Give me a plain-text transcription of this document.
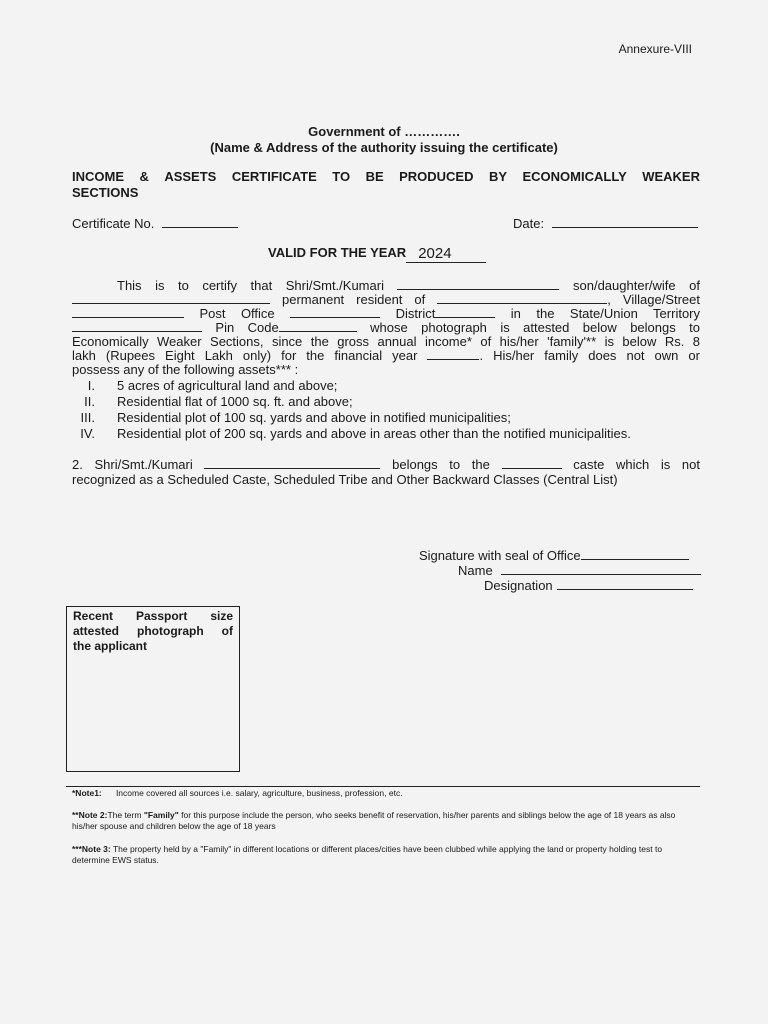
Annexure-VIII
Government of ………….
(Name & Address of the authority issuing the certificate)
INCOME & ASSETS CERTIFICATE TO BE PRODUCED BY ECONOMICALLY WEAKER
SECTIONS
Certificate No.	Date:
VALID FOR THE YEAR 2024
This is to certify that Shri/Smt./Kumari	son/daughter/wife of
permanent resident of	, Village/Street
Post Office	District	in the State/Union Territory
Pin Code	whose photograph is attested below belongs to
Economically Weaker Sections, since the gross annual income* of his/her 'family'** is below Rs. 8
lakh (Rupees Eight Lakh only) for the financial year	. His/her family does not own or
possess any of the following assets*** :
I. 5 acres of agricultural land and above;
II. Residential flat of 1000 sq. ft. and above;
III. Residential plot of 100 sq. yards and above in notified municipalities;
IV. Residential plot of 200 sq. yards and above in areas other than the notified municipalities.
2. Shri/Smt./Kumari	belongs to the	caste which is not
recognized as a Scheduled Caste, Scheduled Tribe and Other Backward Classes (Central List)
Signature with seal of Office
Name
Designation
Recent Passport size
attested photograph of
the applicant
*Note1: Income covered all sources i.e. salary, agriculture, business, profession, etc.
**Note 2:The term "Family" for this purpose include the person, who seeks benefit of reservation, his/her parents and siblings below the age of 18 years as also his/her spouse and children below the age of 18 years
***Note 3: The property held by a "Family" in different locations or different places/cities have been clubbed while applying the land or property holding test to determine EWS status.
